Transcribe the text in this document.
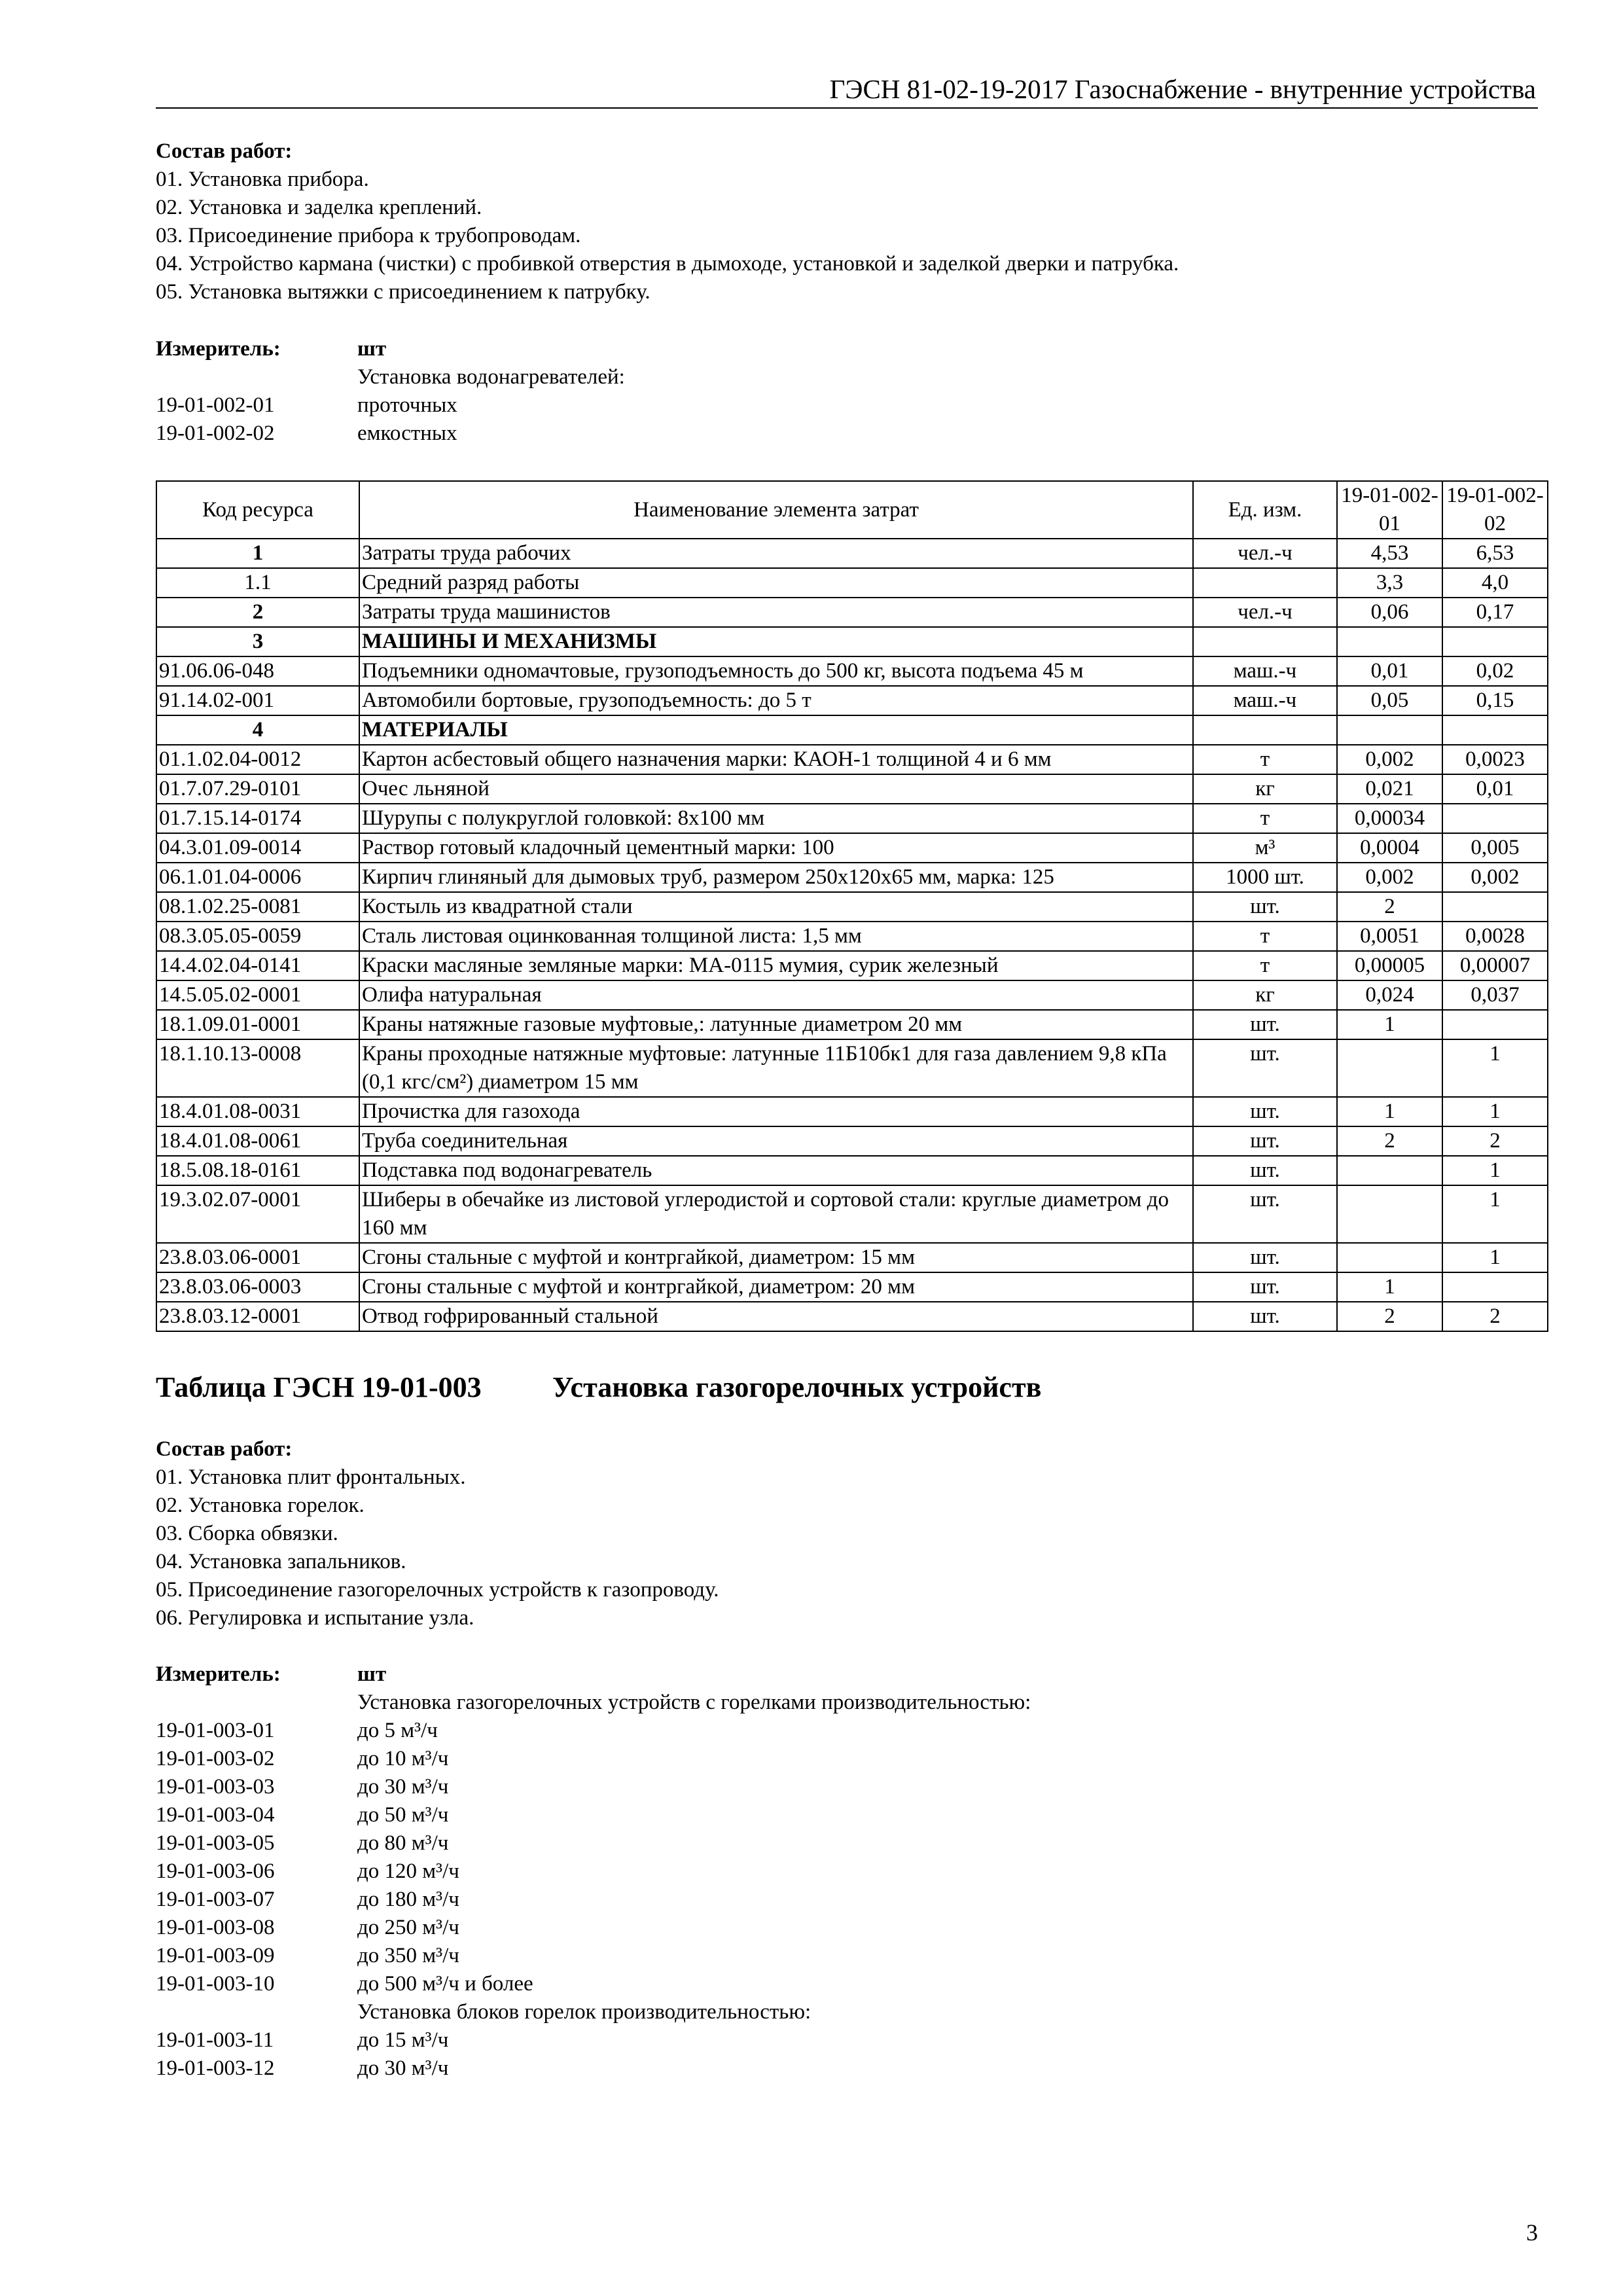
ГЭСН 81-02-19-2017 Газоснабжение - внутренние устройства
Состав работ:
01. Установка прибора.
02. Установка и заделка креплений.
03. Присоединение прибора к трубопроводам.
04. Устройство кармана (чистки) с пробивкой отверстия в дымоходе, установкой и заделкой дверки и патрубка.
05. Установка вытяжки с присоединением к патрубку.
Измеритель:	шт
Установка водонагревателей:
19-01-002-01	проточных
19-01-002-02	емкостных
Код ресурса	Наименование элемента затрат	Ед. изм.	19-01-002-01	19-01-002-02
1	Затраты труда рабочих	чел.-ч	4,53	6,53
1.1	Средний разряд работы		3,3	4,0
2	Затраты труда машинистов	чел.-ч	0,06	0,17
3	МАШИНЫ И МЕХАНИЗМЫ			
91.06.06-048	Подъемники одномачтовые, грузоподъемность до 500 кг, высота подъема 45 м	маш.-ч	0,01	0,02
91.14.02-001	Автомобили бортовые, грузоподъемность: до 5 т	маш.-ч	0,05	0,15
4	МАТЕРИАЛЫ			
01.1.02.04-0012	Картон асбестовый общего назначения марки: КАОН-1 толщиной 4 и 6 мм	т	0,002	0,0023
01.7.07.29-0101	Очес льняной	кг	0,021	0,01
01.7.15.14-0174	Шурупы с полукруглой головкой: 8х100 мм	т	0,00034	
04.3.01.09-0014	Раствор готовый кладочный цементный марки: 100	м³	0,0004	0,005
06.1.01.04-0006	Кирпич глиняный для дымовых труб, размером 250х120х65 мм, марка: 125	1000 шт.	0,002	0,002
08.1.02.25-0081	Костыль из квадратной стали	шт.	2	
08.3.05.05-0059	Сталь листовая оцинкованная толщиной листа: 1,5 мм	т	0,0051	0,0028
14.4.02.04-0141	Краски масляные земляные марки: МА-0115 мумия, сурик железный	т	0,00005	0,00007
14.5.05.02-0001	Олифа натуральная	кг	0,024	0,037
18.1.09.01-0001	Краны натяжные газовые муфтовые,: латунные диаметром 20 мм	шт.	1	
18.1.10.13-0008	Краны проходные натяжные муфтовые: латунные 11Б10бк1 для газа давлением 9,8 кПа (0,1 кгс/см²) диаметром 15 мм	шт.		1
18.4.01.08-0031	Прочистка для газохода	шт.	1	1
18.4.01.08-0061	Труба соединительная	шт.	2	2
18.5.08.18-0161	Подставка под водонагреватель	шт.		1
19.3.02.07-0001	Шиберы в обечайке из листовой углеродистой и сортовой стали: круглые диаметром до 160 мм	шт.		1
23.8.03.06-0001	Сгоны стальные с муфтой и контргайкой, диаметром: 15 мм	шт.		1
23.8.03.06-0003	Сгоны стальные с муфтой и контргайкой, диаметром: 20 мм	шт.	1	
23.8.03.12-0001	Отвод гофрированный стальной	шт.	2	2
Таблица ГЭСН 19-01-003 Установка газогорелочных устройств
Состав работ:
01. Установка плит фронтальных.
02. Установка горелок.
03. Сборка обвязки.
04. Установка запальников.
05. Присоединение газогорелочных устройств к газопроводу.
06. Регулировка и испытание узла.
Измеритель:	шт
Установка газогорелочных устройств с горелками производительностью:
19-01-003-01	до 5 м³/ч
19-01-003-02	до 10 м³/ч
19-01-003-03	до 30 м³/ч
19-01-003-04	до 50 м³/ч
19-01-003-05	до 80 м³/ч
19-01-003-06	до 120 м³/ч
19-01-003-07	до 180 м³/ч
19-01-003-08	до 250 м³/ч
19-01-003-09	до 350 м³/ч
19-01-003-10	до 500 м³/ч и более
Установка блоков горелок производительностью:
19-01-003-11	до 15 м³/ч
19-01-003-12	до 30 м³/ч
3
